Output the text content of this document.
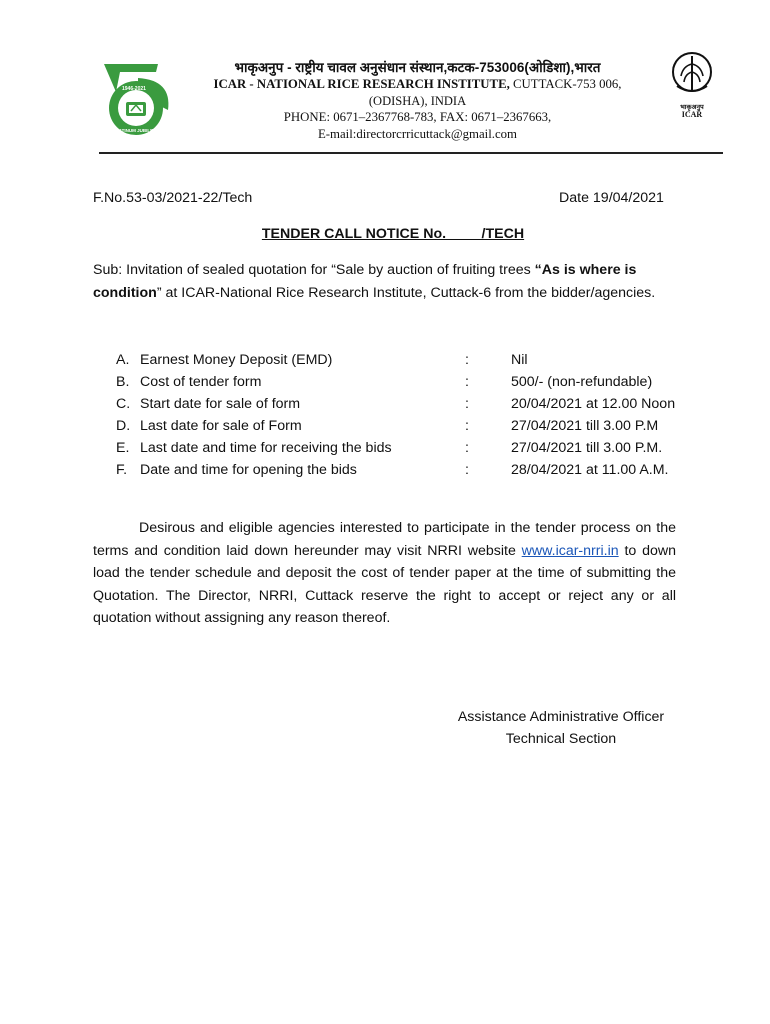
1946-2021
PLATINUM JUBILEE
भाकृअनुप - राष्ट्रीय चावल अनुसंधान संस्थान,कटक-753006(ओडिशा),भारत
ICAR - NATIONAL RICE RESEARCH INSTITUTE, CUTTACK-753 006,
(ODISHA), INDIA
PHONE: 0671–2367768-783, FAX: 0671–2367663,
E-mail:directorcrricuttack@gmail.com
भाकृअनुप
ICAR
F.No.53-03/2021-22/Tech	Date 19/04/2021
TENDER CALL NOTICE No. ____/TECH
Sub: Invitation of sealed quotation for “Sale by auction of fruiting trees “As is where is
condition” at ICAR-National Rice Research Institute, Cuttack-6 from the bidder/agencies.
A. Earnest Money Deposit (EMD)	:	Nil
B. Cost of tender form	:	500/- (non-refundable)
C. Start date for sale of form	:	20/04/2021 at 12.00 Noon
D. Last date for sale of Form	:	27/04/2021 till 3.00 P.M
E. Last date and time for receiving the bids	:	27/04/2021 till 3.00 P.M.
F. Date and time for opening the bids	:	28/04/2021 at 11.00 A.M.
Desirous and eligible agencies interested to participate in the tender process on the terms and condition laid down hereunder may visit NRRI website www.icar-nrri.in to down load the tender schedule and deposit the cost of tender paper at the time of submitting the Quotation. The Director, NRRI, Cuttack reserve the right to accept or reject any or all quotation without assigning any reason thereof.
Assistance Administrative Officer
Technical Section
